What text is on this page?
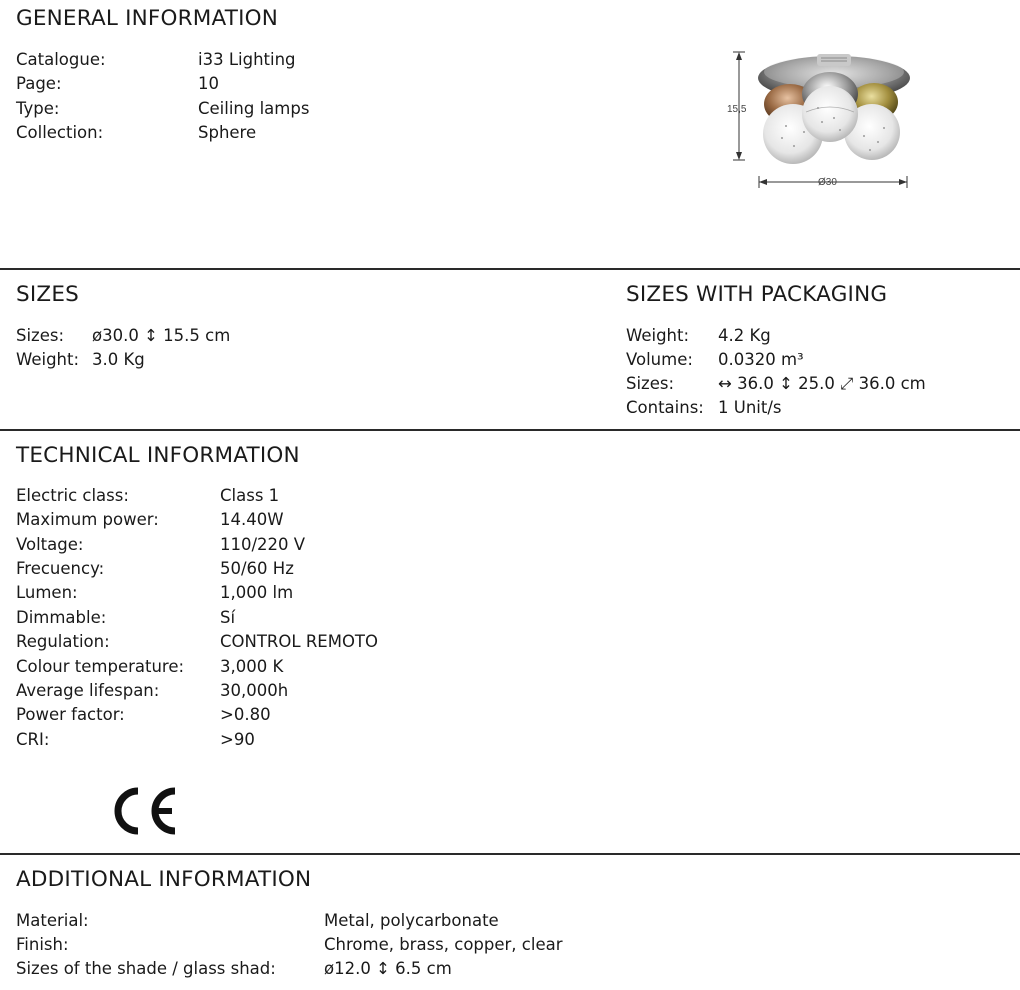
GENERAL INFORMATION
Catalogue:	i33 Lighting
Page:	10
Type:	Ceiling lamps
Collection:	Sphere
15,5
Ø30
SIZES
Sizes: ø30.0 ↕ 15.5 cm
Weight: 3.0 Kg
SIZES WITH PACKAGING
Weight: 4.2 Kg
Volume: 0.0320 m³
Sizes:	↔ 36.0 ↕ 25.0 ⤢ 36.0 cm
Contains: 1 Unit/s
TECHNICAL INFORMATION
Electric class:	Class 1
Maximum power:	14.40W
Voltage:	110/220 V
Frecuency:	50/60 Hz
Lumen:	1,000 lm
Dimmable:	Sí
Regulation:	CONTROL REMOTO
Colour temperature: 3,000 K
Average lifespan:	30,000h
Power factor:	>0.80
CRI:	>90
ADDITIONAL INFORMATION
Material:	Metal, polycarbonate
Finish:	Chrome, brass, copper, clear
Sizes of the shade / glass shad:	ø12.0 ↕ 6.5 cm
